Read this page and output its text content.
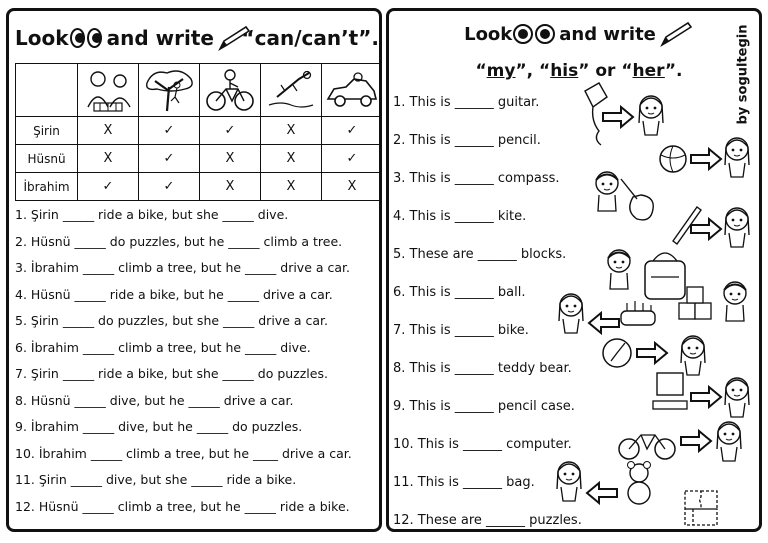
Look and write “can/can’t”.

Şirin	X	✓	✓	X	✓
Hüsnü	X	✓	X	X	✓
İbrahim	✓	✓	X	X	X
1. Şirin _____ ride a bike, but she _____ dive.
2. Hüsnü _____ do puzzles, but he _____ climb a tree.
3. İbrahim _____ climb a tree, but he _____ drive a car.
4. Hüsnü _____ ride a bike, but he _____ drive a car.
5. Şirin _____ do puzzles, but she _____ drive a car.
6. İbrahim _____ climb a tree, but he _____ dive.
7. Şirin _____ ride a bike, but she _____ do puzzles.
8. Hüsnü _____ dive, but he _____ drive a car.
9. İbrahim _____ dive, but he _____ do puzzles.
10. İbrahim _____ climb a tree, but he ____ drive a car.
11. Şirin _____ dive, but she _____ ride a bike.
12. Hüsnü _____ climb a tree, but he _____ ride a bike.
Look	and write
“my”, “his” or “her”.	by sogultegin
1. This is ______ guitar.
2. This is ______ pencil.
3. This is ______ compass.
4. This is ______ kite.
5. These are ______ blocks.
6. This is ______ ball.
7. This is ______ bike.
8. This is ______ teddy bear.
9. This is ______ pencil case.
10. This is ______ computer.
11. This is ______ bag.
12. These are ______ puzzles.
